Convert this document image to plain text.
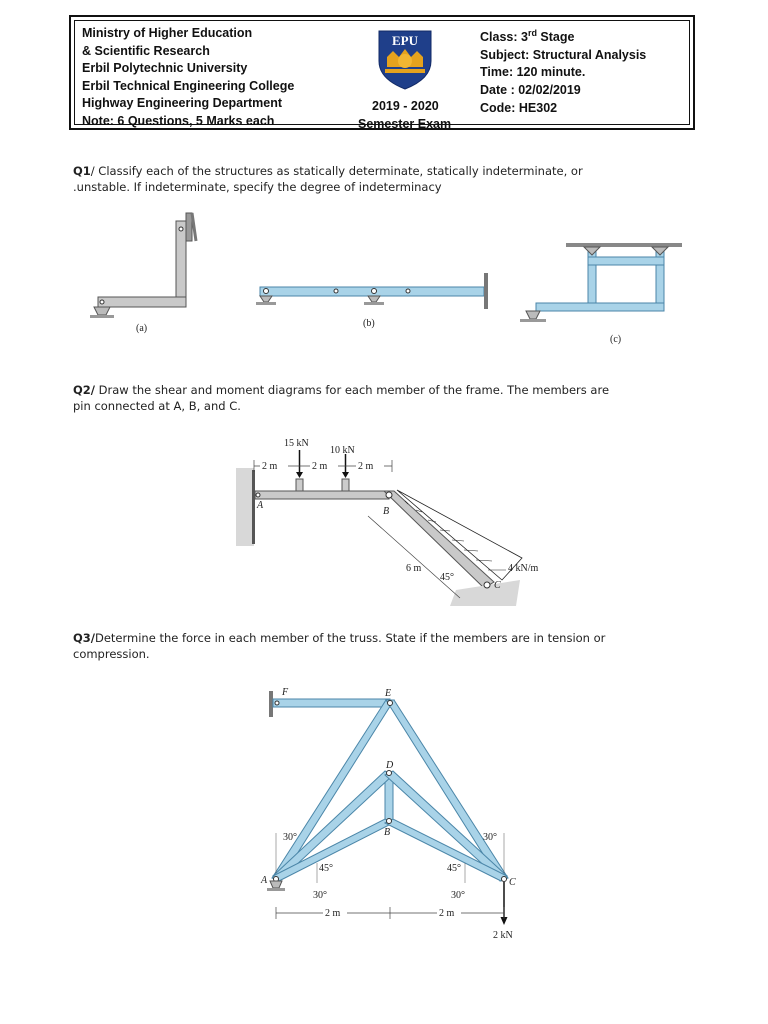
Ministry of Higher Education
& Scientific Research
Erbil Polytechnic University
Erbil Technical Engineering College
Highway Engineering Department
Note: 6 Questions, 5 Marks each
EPU
2019 - 2020
Semester Exam
Class: 3rd Stage
Subject: Structural Analysis
Time: 120 minute.
Date : 02/02/2019
Code: HE302
Q1/ Classify each of the structures as statically determinate, statically indeterminate, or
.unstable. If indeterminate, specify the degree of indeterminacy
(a)	(b)
(c)
Q2/ Draw the shear and moment diagrams for each member of the frame. The members are
pin connected at A, B, and C.
15 kN
10 kN
2 m	2 m	2 m
6 m
45°
4 kN/m
A
B
C
Q3/Determine the force in each member of the truss. State if the members are in tension or
compression.
F	E
D
B
A	C
30°	30°
45°	45°
30°	30°
2 m	2 m
2 kN
